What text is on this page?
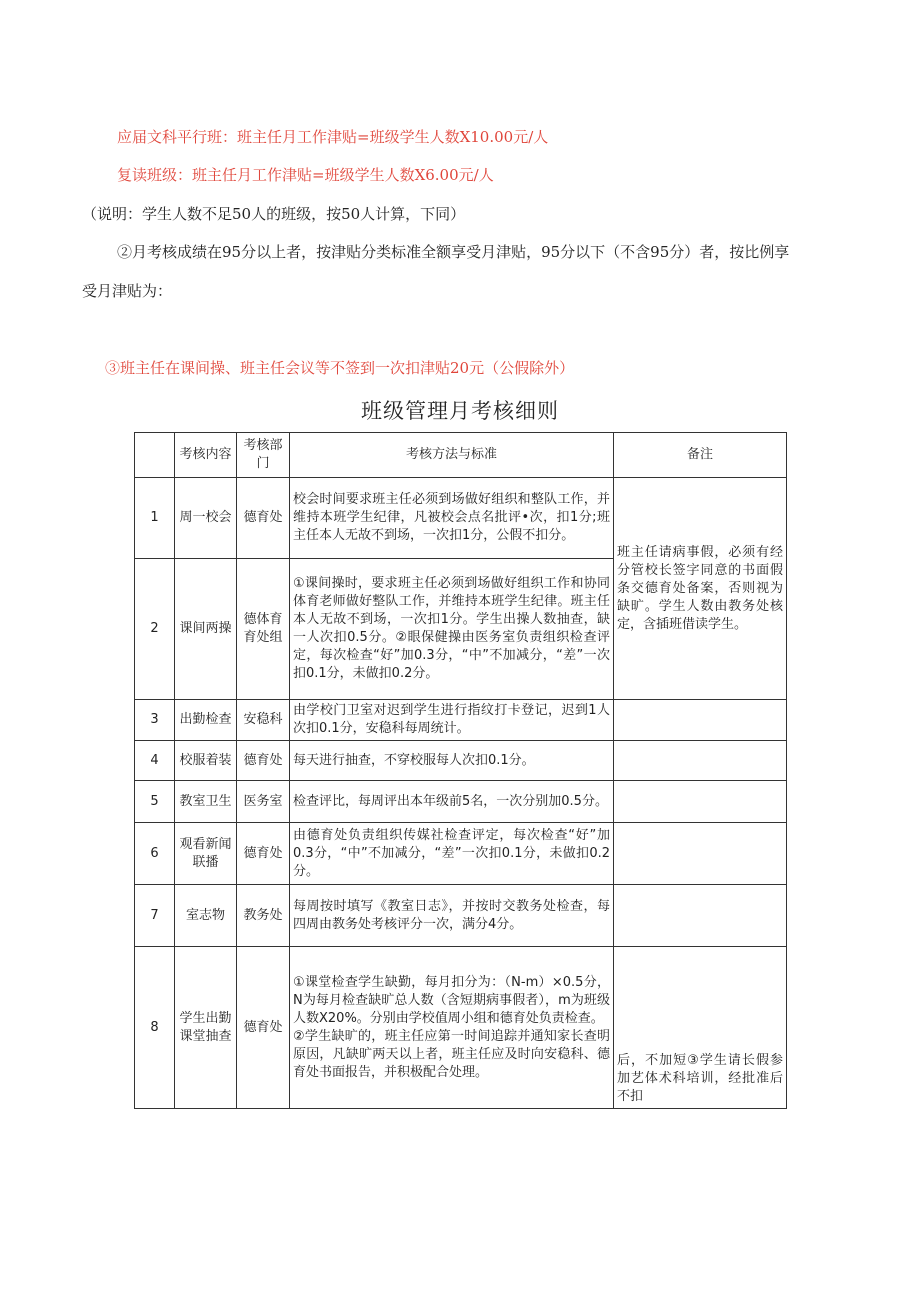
应届文科平行班：班主任月工作津贴=班级学生人数X10.00元/人
复读班级：班主任月工作津贴=班级学生人数X6.00元/人
（说明：学生人数不足50人的班级，按50人计算，下同）
②月考核成绩在95分以上者，按津贴分类标准全额享受月津贴，95分以下（不含95分）者，按比例享
受月津贴为：
③班主任在课间操、班主任会议等不签到一次扣津贴20元（公假除外）
班级管理月考核细则
	考核内容	考核部门	考核方法与标准	备注
1	周一校会	德育处	校会时间要求班主任必须到场做好组织和整队工作，并维持本班学生纪律，凡被校会点名批评•次，扣1分;班主任本人无故不到场，一次扣1分，公假不扣分。	班主任请病事假，必须有经分管校长签字同意的书面假条交德育处备案，否则视为缺旷。学生人数由教务处核定，含插班借读学生。
2	课间两操	德体育育处组	①课间操时，要求班主任必须到场做好组织工作和协同体育老师做好整队工作，并维持本班学生纪律。班主任本人无故不到场，一次扣1分。学生出操人数抽查，缺一人次扣0.5分。②眼保健操由医务室负责组织检查评定，每次检查“好”加0.3分，“中”不加减分，“差”一次扣0.1分，未做扣0.2分。	
3	出勤检查	安稳科	由学校门卫室对迟到学生进行指纹打卡登记，迟到1人次扣0.1分，安稳科每周统计。	
4	校服着装	德育处	每天进行抽查，不穿校服每人次扣0.1分。	
5	教室卫生	医务室	检查评比，每周评出本年级前5名，一次分别加0.5分。	
6	观看新闻联播	德育处	由德育处负责组织传媒社检查评定，每次检查“好”加0.3分，“中”不加减分，“差”一次扣0.1分，未做扣0.2分。	
7	室志物	教务处	每周按时填写《教室日志》，并按时交教务处检查，每四周由教务处考核评分一次，满分4分。	
8	学生出勤课堂抽查	德育处	①课堂检查学生缺勤，每月扣分为：（N-m）×0.5分，N为每月检查缺旷总人数（含短期病事假者），m为班级人数X20%。分别由学校值周小组和德育处负责检查。
②学生缺旷的，班主任应第一时间追踪并通知家长查明原因，凡缺旷两天以上者，班主任应及时向安稳科、德育处书面报告，并积极配合处理。	后，不加短③学生请长假参加艺体术科培训，经批准后不扣
